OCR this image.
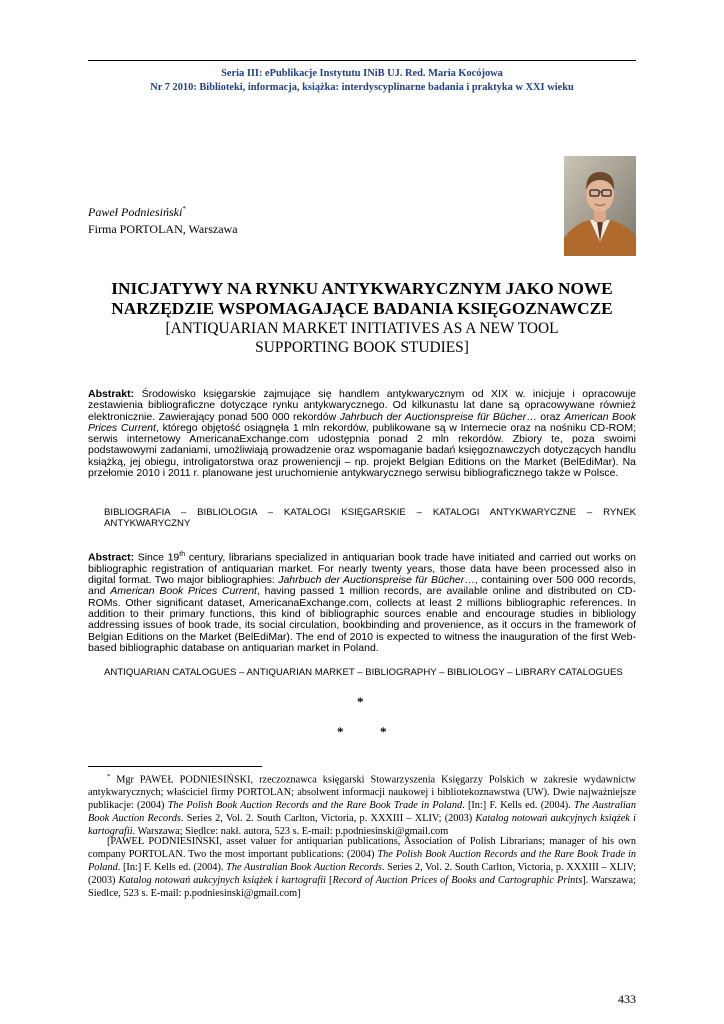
Seria III: ePublikacje Instytutu INiB UJ. Red. Maria Kocójowa
Nr 7 2010: Biblioteki, informacja, książka: interdyscyplinarne badania i praktyka w XXI wieku
Paweł Podniesiński*
Firma PORTOLAN, Warszawa
INICJATYWY NA RYNKU ANTYKWARYCZNYM JAKO NOWE
NARZĘDZIE WSPOMAGAJĄCE BADANIA KSIĘGOZNAWCZE
[ANTIQUARIAN MARKET INITIATIVES AS A NEW TOOL
SUPPORTING BOOK STUDIES]
Abstrakt: Środowisko księgarskie zajmujące się handlem antykwarycznym od XIX w. inicjuje i opracowuje zestawienia bibliograficzne dotyczące rynku antykwarycznego. Od kilkunastu lat dane są opracowywane również elektronicznie. Zawierający ponad 500 000 rekordów Jahrbuch der Auctionspreise für Bücher… oraz American Book Prices Current, którego objętość osiągnęła 1 mln rekordów, publikowane są w Internecie oraz na nośniku CD-ROM; serwis internetowy AmericanaExchange.com udostępnia ponad 2 mln rekordów. Zbiory te, poza swoimi podstawowymi zadaniami, umożliwiają prowadzenie oraz wspomaganie badań księgoznawczych dotyczących handlu książką, jej obiegu, introligatorstwa oraz proweniencji – np. projekt Belgian Editions on the Market (BelEdiMar). Na przełomie 2010 i 2011 r. planowane jest uruchomienie antykwarycznego serwisu bibliograficznego także w Polsce.
BIBLIOGRAFIA – BIBLIOLOGIA – KATALOGI KSIĘGARSKIE – KATALOGI ANTYKWARYCZNE – RYNEK ANTYKWARYCZNY
Abstract: Since 19th century, librarians specialized in antiquarian book trade have initiated and carried out works on bibliographic registration of antiquarian market. For nearly twenty years, those data have been processed also in digital format. Two major bibliographies: Jahrbuch der Auctionspreise für Bücher…, containing over 500 000 records, and American Book Prices Current, having passed 1 million records, are available online and distributed on CD-ROMs. Other significant dataset, AmericanaExchange.com, collects at least 2 millions bibliographic references. In addition to their primary functions, this kind of bibliographic sources enable and encourage studies in bibliology addressing issues of book trade, its social circulation, bookbinding and provenience, as it occurs in the framework of Belgian Editions on the Market (BelEdiMar). The end of 2010 is expected to witness the inauguration of the first Web-based bibliographic database on antiquarian market in Poland.
ANTIQUARIAN CATALOGUES – ANTIQUARIAN MARKET – BIBLIOGRAPHY – BIBLIOLOGY – LIBRARY CATALOGUES
*
*	*
* Mgr PAWEŁ PODNIESIŃSKI, rzeczoznawca księgarski Stowarzyszenia Księgarzy Polskich w zakresie wydawnictw antykwarycznych; właściciel firmy PORTOLAN; absolwent informacji naukowej i bibliotekoznawstwa (UW). Dwie najważniejsze publikacje: (2004) The Polish Book Auction Records and the Rare Book Trade in Poland. [In:] F. Kells ed. (2004). The Australian Book Auction Records. Series 2, Vol. 2. South Carlton, Victoria, p. XXXIII – XLIV; (2003) Katalog notowań aukcyjnych książek i kartografii. Warszawa; Siedlce: nakł. autora, 523 s. E-mail: p.podniesinski@gmail.com
[PAWEŁ PODNIESIŃSKI, asset valuer for antiquarian publications, Association of Polish Librarians; manager of his own company PORTOLAN. Two the most important publications: (2004) The Polish Book Auction Records and the Rare Book Trade in Poland. [In:] F. Kells ed. (2004). The Australian Book Auction Records. Series 2, Vol. 2. South Carlton, Victoria, p. XXXIII – XLIV; (2003) Katalog notowań aukcyjnych książek i kartografii [Record of Auction Prices of Books and Cartographic Prints]. Warszawa; Siedlce, 523 s. E-mail: p.podniesinski@gmail.com]
433
